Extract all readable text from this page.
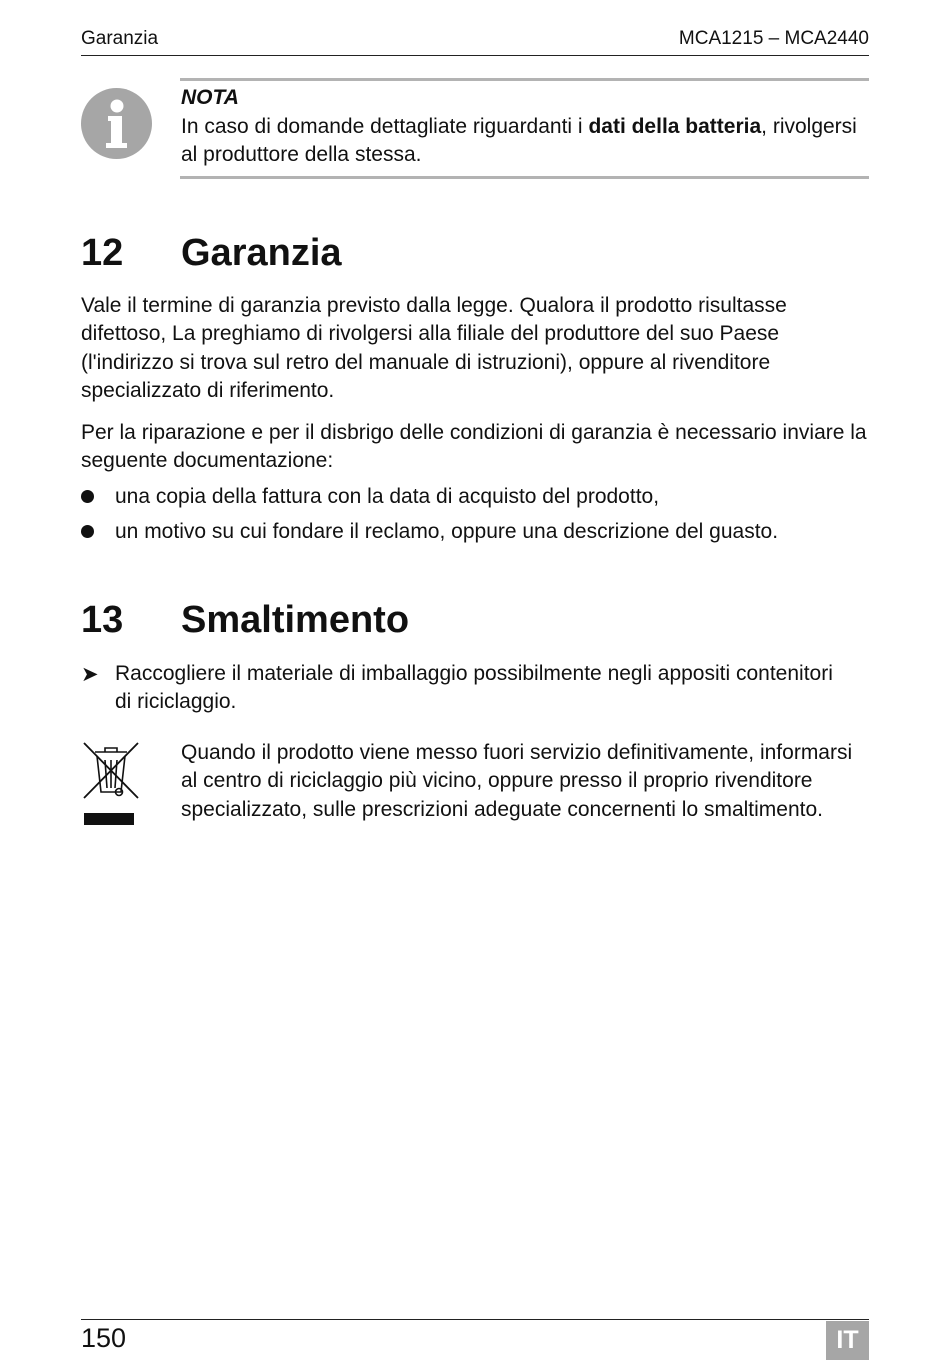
Garanzia	MCA1215 – MCA2440
NOTA
In caso di domande dettagliate riguardanti i dati della batteria, rivolgersi al produttore della stessa.
12 Garanzia
Vale il termine di garanzia previsto dalla legge. Qualora il prodotto risultasse difettoso, La preghiamo di rivolgersi alla filiale del produttore del suo Paese (l'indirizzo si trova sul retro del manuale di istruzioni), oppure al rivenditore specializzato di riferimento.
Per la riparazione e per il disbrigo delle condizioni di garanzia è necessario inviare la seguente documentazione:
una copia della fattura con la data di acquisto del prodotto,
un motivo su cui fondare il reclamo, oppure una descrizione del guasto.
13 Smaltimento
➤ Raccogliere il materiale di imballaggio possibilmente negli appositi contenitori di riciclaggio.
Quando il prodotto viene messo fuori servizio definitivamente, informarsi al centro di riciclaggio più vicino, oppure presso il proprio rivenditore specializzato, sulle prescrizioni adeguate concernenti lo smaltimento.
150	IT
